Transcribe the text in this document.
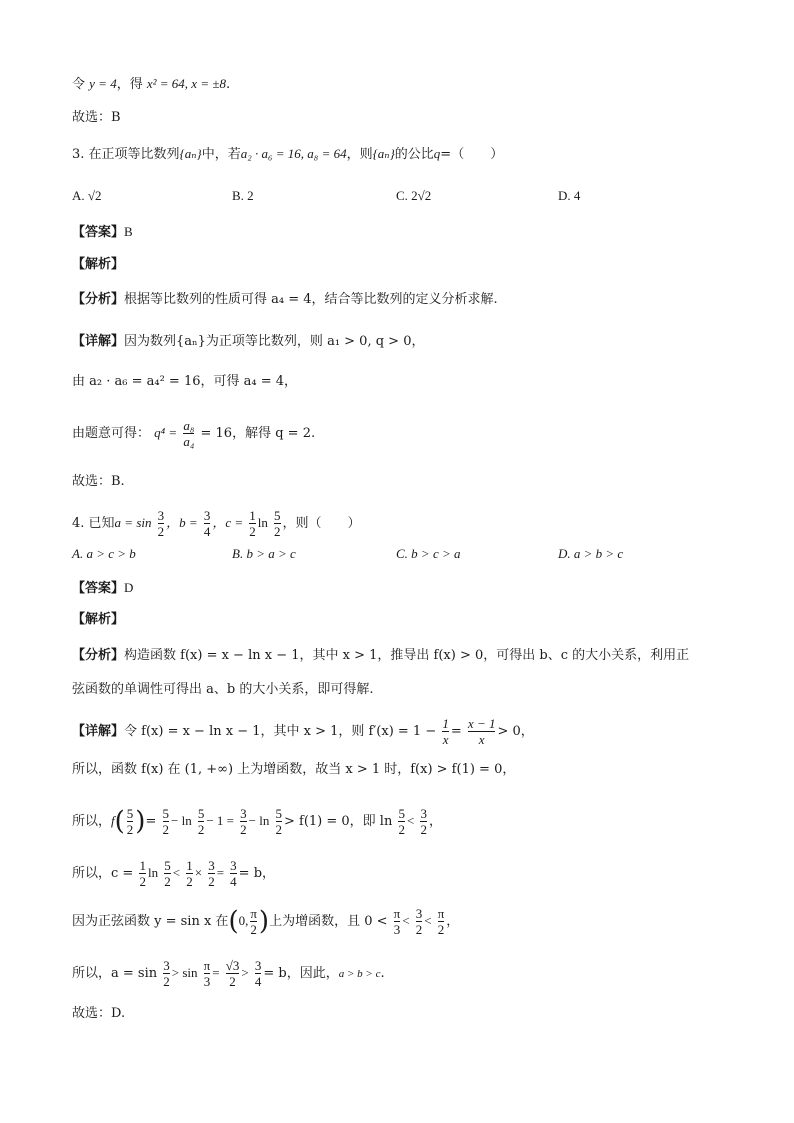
令 y = 4，得 x² = 64, x = ±8.
故选：B
3. 在正项等比数列{aₙ}中，若a₂ · a₆ = 16, a₈ = 64，则{aₙ}的公比q=（　　）
A. √2	B. 2	C. 2√2	D. 4
【答案】B
【解析】
【分析】根据等比数列的性质可得 a₄ = 4，结合等比数列的定义分析求解.
【详解】因为数列{aₙ}为正项等比数列，则 a₁ > 0, q > 0，
由 a₂ · a₆ = a₄² = 16，可得 a₄ = 4，
由题意可得： $q^4 = \frac{\text{a₈}}{\text{a₄}} = 16$，解得 q = 2.
故选：B.
4. 已知$a = \sin \frac{3}{2}$ ，$b = \frac{3}{4}$ ，$c = \frac{1}{2}$ $\ln \frac{5}{2}$ ，则（　　）
A. a > c > b	B. b > a > c	C. b > c > a	D. a > b > c
【答案】D
【解析】
【分析】构造函数 f(x) = x − ln x − 1，其中 x > 1，推导出 f(x) > 0，可得出 b、c 的大小关系，利用正
弦函数的单调性可得出 a、b 的大小关系，即可得解.
【详解】令 f(x) = x − ln x − 1，其中 x > 1，则 $f'(x) = 1 - \frac{1}{x} = \frac{x - 1}{x} > 0$，
所以，函数 f(x) 在 (1, +∞) 上为增函数，故当 x > 1 时，f(x) > f(1) = 0，
所以，$f( \frac{5}{2}$ )= $\frac{5}{2} - \ln \frac{5}{2} - 1 = \frac{3}{2} - \ln \frac{5}{2} > f(1) = 0$，即 $\ln \frac{5}{2} < \frac{3}{2}$ ，
所以，$c = \frac{1}{2}$ $\ln \frac{5}{2} < \frac{1}{2} \times \frac{3}{2} = \frac{3}{4} = b$，
因为正弦函数 y = sin x 在(0, $\frac{\pi}{2}$ )上为增函数，且 $0 < \frac{\pi}{3} < \frac{3}{2} < \frac{\pi}{2}$ ，
所以，$a = \sin \frac{3}{2} > \sin \frac{\pi}{3} = \frac{√3}{2} > \frac{3}{4} = b$，因此，a > b > c.
故选：D.
